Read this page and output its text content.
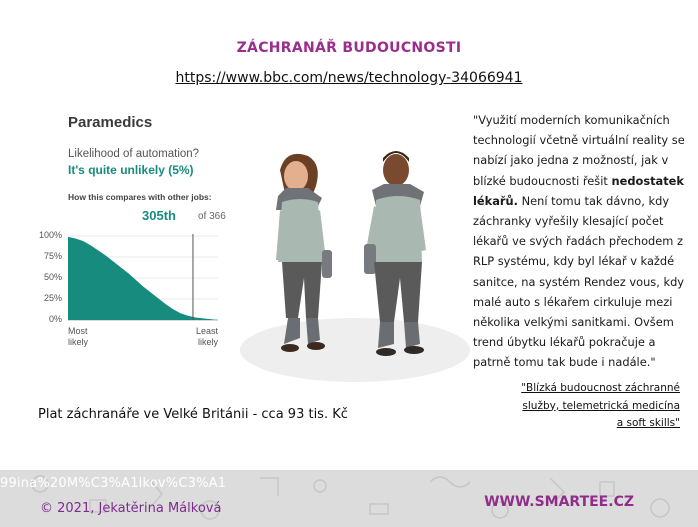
ZÁCHRANÁŘ BUDOUCNOSTI
https://www.bbc.com/news/technology-34066941
Paramedics
Likelihood of automation?
It's quite unlikely (5%)
How this compares with other jobs:
305th of 366
100%
75%
50%
25%
0%
Most
likely
Least
likely
"Využití moderních komunikačních technologií včetně virtuální reality se nabízí jako jedna z možností, jak v blízké budoucnosti řešit nedostatek lékařů. Není tomu tak dávno, kdy záchranky vyřešily klesající počet lékařů ve svých řadách přechodem z RLP systému, kdy byl lékař v každé sanitce, na systém Rendez vous, kdy malé auto s lékařem cirkuluje mezi několika velkými sanitkami. Ovšem trend úbytku lékařů pokračuje a patrně tomu tak bude i nadále."
"Blízká budoucnost záchranné služby, telemetrická medicína a soft skills"
Plat záchranáře ve Velké Británii - cca 93 tis. Kč
99ina%20M%C3%A1lkov%C3%A1
© 2021, Jekatěrina Málková	WWW.SMARTEE.CZ
